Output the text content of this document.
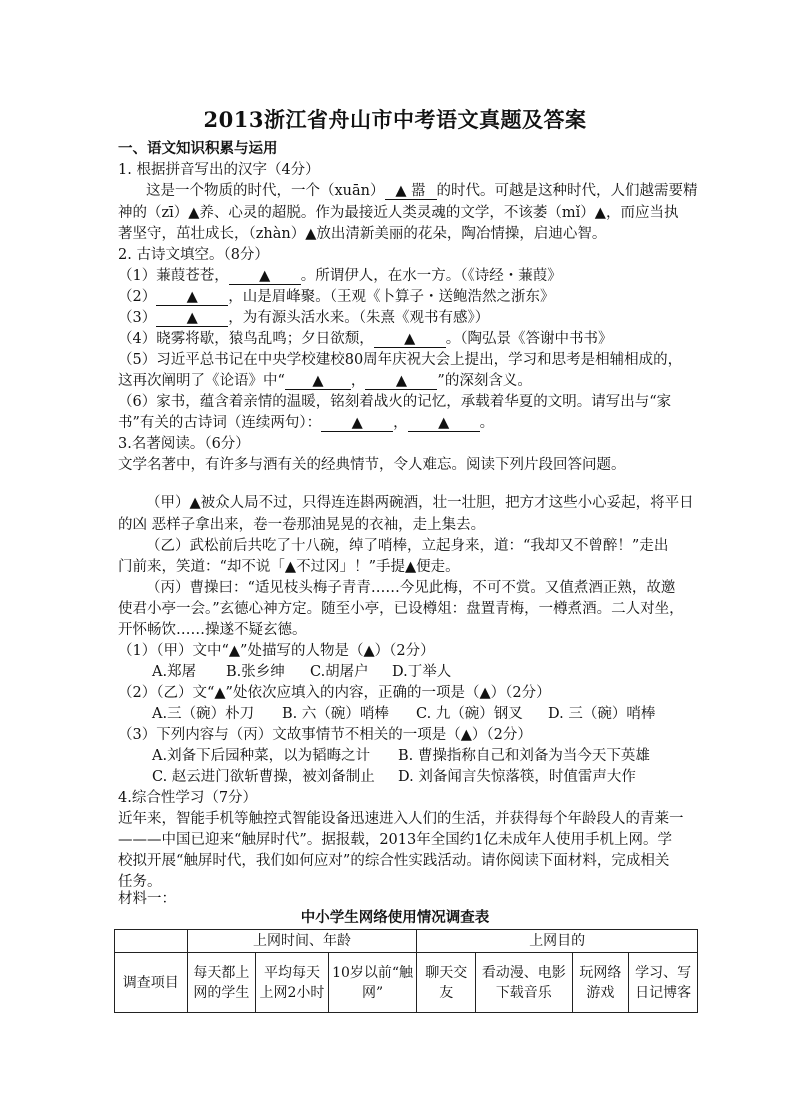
2013浙江省舟山市中考语文真题及答案
一、语文知识积累与运用
1. 根据拼音写出的汉字（4分）
这是一个物质的时代，一个（xuān） ▲ 嚣 的时代。可越是这种时代，人们越需要精
神的（zī）▲养、心灵的超脱。作为最接近人类灵魂的文学，不该萎（mǐ）▲，而应当执
著坚守，茁壮成长，（zhàn）▲放出清新美丽的花朵，陶冶情操，启迪心智。
2. 古诗文填空。（8分）
（1）蒹葭苍苍， ▲ 。所谓伊人，在水一方。（《诗经・蒹葭》
（2） ▲ ，山是眉峰聚。（王观《卜算子・送鲍浩然之浙东》
（3） ▲ ，为有源头活水来。（朱熹《观书有感》）
（4）晓雾将歇，猿鸟乱鸣；夕日欲颓， ▲ 。（陶弘景《答谢中书书》
（5）习近平总书记在中央学校建校80周年庆祝大会上提出，学习和思考是相辅相成的，
这再次阐明了《论语》中“ ▲ ， ▲ ”的深刻含义。
（6）家书，蕴含着亲情的温暖，铭刻着战火的记忆，承载着华夏的文明。请写出与“家
书”有关的古诗词（连续两句）： ▲ ， ▲ 。
3.名著阅读。（6分）
文学名著中，有许多与酒有关的经典情节，令人难忘。阅读下列片段回答问题。
（甲）▲被众人局不过，只得连连斟两碗酒，壮一壮胆，把方才这些小心妥起，将平日
的凶 恶样子拿出来，卷一卷那油晃晃的衣袖，走上集去。
（乙）武松前后共吃了十八碗，绰了哨棒，立起身来，道：“我却又不曾醉！”走出
门前来，笑道：“却不说「▲不过冈」！”手提▲便走。
（丙）曹操曰：“适见枝头梅子青青……今见此梅，不可不赏。又值煮酒正熟，故邀
使君小亭一会。”玄德心神方定。随至小亭，已设樽俎：盘置青梅，一樽煮酒。二人对坐，
开怀畅饮……操遂不疑玄德。
（1）（甲）文中“▲”处描写的人物是（▲）（2分）
A.郑屠 B.张乡绅 C.胡屠户 D.丁举人
（2）（乙）文“▲”处依次应填入的内容，正确的一项是（▲）（2分）
A.三（碗）朴刀 B. 六（碗）哨棒 C. 九（碗）钢叉 D. 三（碗）哨棒
（3）下列内容与（丙）文故事情节不相关的一项是（▲）（2分）
A.刘备下后园种菜，以为韬晦之计 B. 曹操指称自己和刘备为当今天下英雄
C. 赵云进门欲斩曹操，被刘备制止 D. 刘备闻言失惊落筷，时值雷声大作
4.综合性学习（7分）
近年来，智能手机等触控式智能设备迅速进入人们的生活，并获得每个年龄段人的青莱一
———中国已迎来“触屏时代”。据报载，2013年全国约1亿未成年人使用手机上网。学
校拟开展“触屏时代，我们如何应对”的综合性实践活动。请你阅读下面材料，完成相关
任务。
材料一：
中小学生网络使用情况调查表
	上网时间、年龄			上网目的			
调查项目	每天都上网的学生	平均每天上网2小时	10岁以前“触网”	聊天交友	看动漫、电影下载音乐	玩网络游戏	学习、写日记博客
